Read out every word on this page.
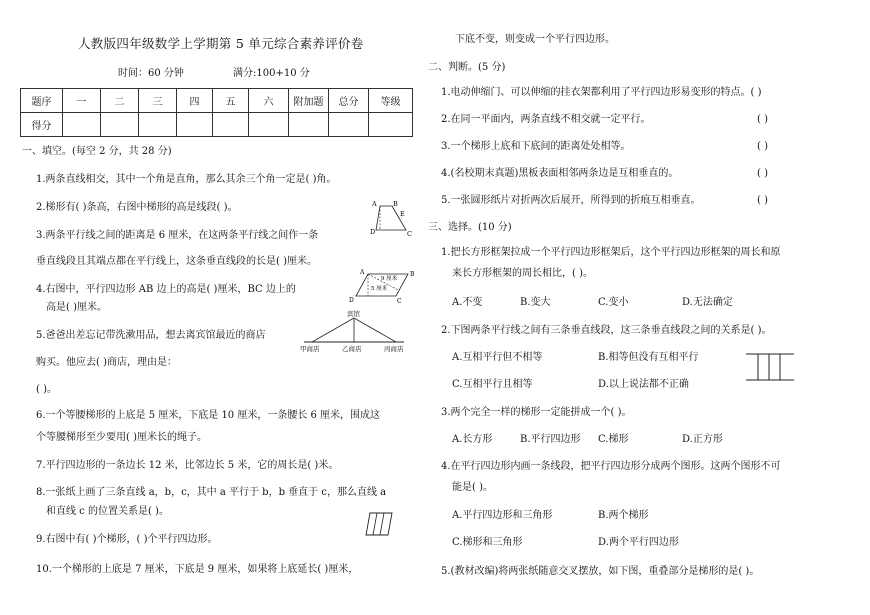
人教版四年级数学上学期第 5 单元综合素养评价卷
时间：60 分钟	满分:100+10 分
题序	一	二	三	四	五	六	附加题	总分	等级
得分									
一、填空。(每空 2 分，共 28 分)
1.两条直线相交，其中一个角是直角，那么其余三个角一定是( )角。
2.梯形有( )条高，右图中梯形的高是线段( )。
3.两条平行线之间的距离是 6 厘米，在这两条平行线之间作一条
垂直线段且其端点都在平行线上，这条垂直线段的长是( )厘米。
4.右图中，平行四边形 AB 边上的高是( )厘米，BC 边上的
高是( )厘米。
5.爸爸出差忘记带洗漱用品，想去离宾馆最近的商店
购买。他应去( )商店，理由是：
( )。
6.一个等腰梯形的上底是 5 厘米，下底是 10 厘米，一条腰长 6 厘米，围成这
个等腰梯形至少要用( )厘米长的绳子。
7.平行四边形的一条边长 12 米，比邻边长 5 米，它的周长是( )米。
8.一张纸上画了三条直线 a，b，c，其中 a 平行于 b，b 垂直于 c，那么直线 a
和直线 c 的位置关系是( )。
9.右图中有( )个梯形，( )个平行四边形。
10.一个梯形的上底是 7 厘米，下底是 9 厘米，如果将上底延长( )厘米，
A	B
C
D
E
A	B
C
D
9 厘米
5 厘米
宾馆
甲商店	乙商店	丙商店
下底不变，则变成一个平行四边形。
二、判断。(5 分)
1.电动伸缩门、可以伸缩的挂衣架都利用了平行四边形易变形的特点。( )
2.在同一平面内，两条直线不相交就一定平行。	( )
3.一个梯形上底和下底间的距离处处相等。	( )
4.(名校期末真题)黑板表面相邻两条边是互相垂直的。	( )
5.一张圆形纸片对折两次后展开，所得到的折痕互相垂直。	( )
三、选择。(10 分)
1.把长方形框架拉成一个平行四边形框架后，这个平行四边形框架的周长和原
来长方形框架的周长相比，( )。
A.不变	B.变大	C.变小	D.无法确定
2.下图两条平行线之间有三条垂直线段，这三条垂直线段之间的关系是( )。
A.互相平行但不相等	B.相等但没有互相平行
C.互相平行且相等	D.以上说法都不正确
3.两个完全一样的梯形一定能拼成一个( )。
A.长方形	B.平行四边形 C.梯形	D.正方形
4.在平行四边形内画一条线段，把平行四边形分成两个图形。这两个图形不可
能是( )。
A.平行四边形和三角形	B.两个梯形
C.梯形和三角形	D.两个平行四边形
5.(教材改编)将两张纸随意交叉摆放，如下图，重叠部分是梯形的是( )。
